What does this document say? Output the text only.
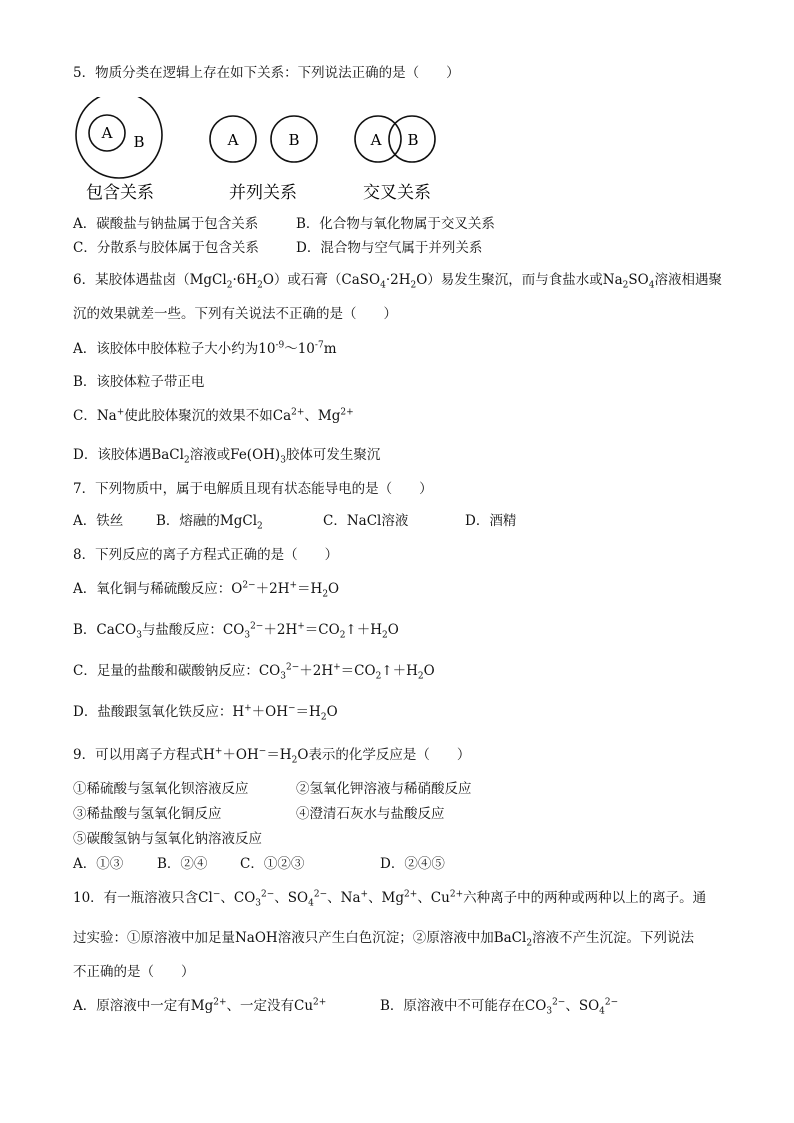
5．物质分类在逻辑上存在如下关系：下列说法正确的是（　　）
A B
包含关系
A	B
并列关系
A B
交叉关系
A．碳酸盐与钠盐属于包含关系	B．化合物与氧化物属于交叉关系
C．分散系与胶体属于包含关系	D．混合物与空气属于并列关系
6．某胶体遇盐卤$(MgCl_2\cdot 6H_2O)$或石膏$(CaSO_4\cdot 2H_2O)$易发生聚沉，而与食盐水或$Na_2SO_4$溶液相遇聚
沉的效果就差一些。下列有关说法不正确的是（　　）
A．该胶体中胶体粒子大小约为$10^{-9}\sim 10^{-7}m$
B．该胶体粒子带正电
C．Na+使此胶体聚沉的效果不如$Ca^{2+}$、$Mg^{2+}$
D．该胶体遇BaCl$_2$溶液或$Fe(OH)_3$胶体可发生聚沉
7．下列物质中，属于电解质且现有状态能导电的是（　　）
A．铁丝 B．熔融的MgCl$_2$	C．NaCl溶液	D．酒精
8．下列反应的离子方程式正确的是（　　）
A．氧化铜与稀硫酸反应：$O^{2-}+2H^+=H_2O$
B．CaCO$_3$与盐酸反应：$CO_3^{2-}+2H^+=CO_2↑+H_2O$
C．足量的盐酸和碳酸钠反应：$CO_3^{2-}+2H^+=CO_2↑+H_2O$
D．盐酸跟氢氧化铁反应：$H^++OH^-=H_2O$
9．可以用离子方程式$H^++OH^-=H_2O$表示的化学反应是（　　）
①稀硫酸与氢氧化钡溶液反应	②氢氧化钾溶液与稀硝酸反应
③稀盐酸与氢氧化铜反应	④澄清石灰水与盐酸反应
⑤碳酸氢钠与氢氧化钠溶液反应
A．①③	B．②④ C．①②③	D．②④⑤
10．有一瓶溶液只含Cl−、$CO_3^{2-}$、$SO_4^{2-}$、Na+、$Mg^{2+}$、$Cu^{2+}$六种离子中的两种或两种以上的离子。通
过实验：①原溶液中加足量NaOH溶液只产生白色沉淀；②原溶液中加BaCl$_2$溶液不产生沉淀。下列说法
不正确的是（　　）
A．原溶液中一定有$Mg^{2+}$、一定没有$Cu^{2+}$	B．原溶液中不可能存在$CO_3^{2-}$、$SO_4^{2-}$
